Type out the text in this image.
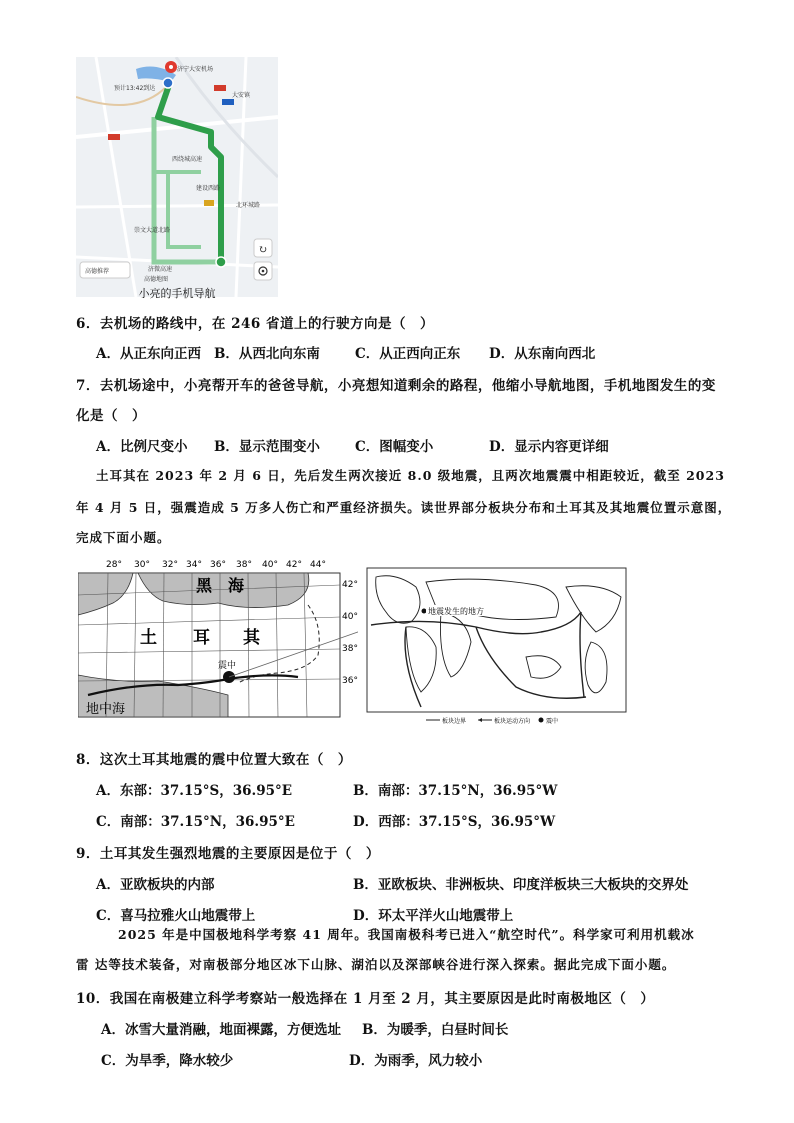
济宁大安机场
预计13:42到达
大安镇
北环城路
崇文大道北路
建设西路
济微高速
西绕城高速
↻
高德推荐
高德地图
小亮的手机导航
6．去机场的路线中，在 246 省道上的行驶方向是（　）
A．从正东向正西 B．从西北向东南	C．从正西向正东 D．从东南向西北
7．去机场途中，小亮帮开车的爸爸导航，小亮想知道剩余的路程，他缩小导航地图，手机地图发生的变
化是（　）
A．比例尺变小 B．显示范围变小	C．图幅变小	D．显示内容更详细
土耳其在 2023 年 2 月 6 日，先后发生两次接近 8.0 级地震，且两次地震震中相距较近，截至 2023
年 4 月 5 日，强震造成 5 万多人伤亡和严重经济损失。读世界部分板块分布和土耳其及其地震位置示意图，
完成下面小题。
28° 30° 32° 34° 36° 38° 40° 42° 44°
42°
40°
38°
36°
黑　海
土 耳 其
震中
地中海
地震发生的地方
板块边界	板块运动方向	震中
8．这次土耳其地震的震中位置大致在（　）
A．东部：37.15°S，36.95°E	B．南部：37.15°N，36.95°W
C．南部：37.15°N，36.95°E	D．西部：37.15°S，36.95°W
9．土耳其发生强烈地震的主要原因是位于（　）
A．亚欧板块的内部	B．亚欧板块、非洲板块、印度洋板块三大板块的交界处
C．喜马拉雅火山地震带上	D．环太平洋火山地震带上
2025 年是中国极地科学考察 41 周年。我国南极科考已进入“航空时代”。科学家可利用机载冰
雷 达等技术装备，对南极部分地区冰下山脉、湖泊以及深部峡谷进行深入探索。据此完成下面小题。
10．我国在南极建立科学考察站一般选择在 1 月至 2 月，其主要原因是此时南极地区（　）
A．冰雪大量消融，地面裸露，方便选址 B．为暖季，白昼时间长
C．为旱季，降水较少	D．为雨季，风力较小
